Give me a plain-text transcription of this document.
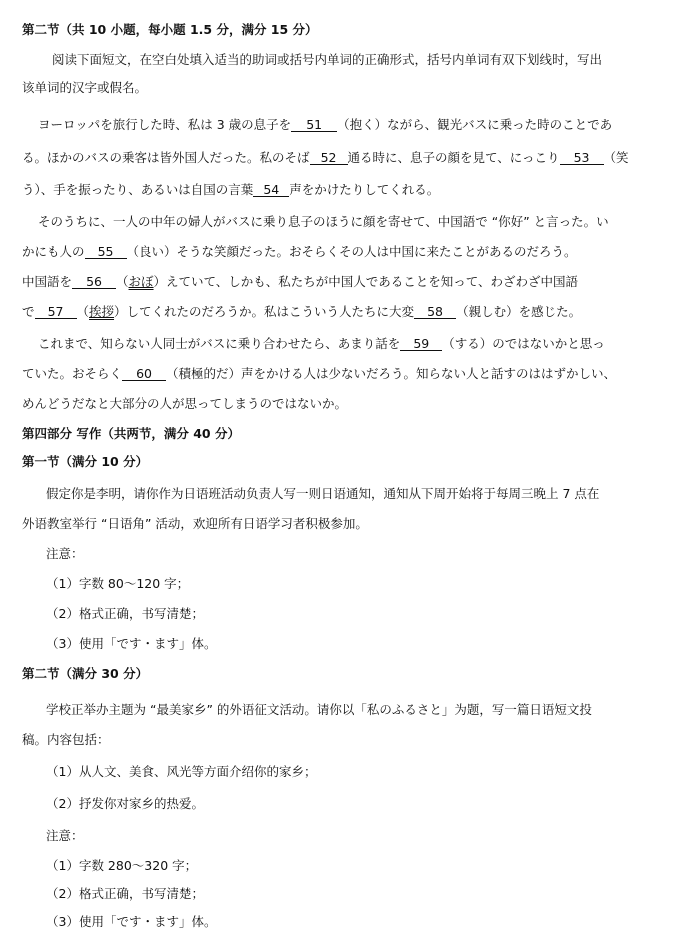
第二节（共 10 小题，每小题 1.5 分，满分 15 分）
阅读下面短文，在空白处填入适当的助词或括号内单词的正确形式，括号内单词有双下划线时，写出
该单词的汉字或假名。
ヨーロッパを旅行した時、私は 3 歳の息子を 51 （抱く）ながら、観光バスに乗った時のことであ
る。ほかのバスの乗客は皆外国人だった。私のそば 52 通る時に、息子の顔を見て、にっこり 53 （笑
う）、手を振ったり、あるいは自国の言葉 54 声をかけたりしてくれる。
そのうちに、一人の中年の婦人がバスに乗り息子のほうに顔を寄せて、中国語で “你好” と言った。い
かにも人の 55 （良い）そうな笑顔だった。おそらくその人は中国に来たことがあるのだろう。
中国語を 56 （おぼ）えていて、しかも、私たちが中国人であることを知って、わざわざ中国語
で 57 （挨拶）してくれたのだろうか。私はこういう人たちに大変 58 （親しむ）を感じた。
これまで、知らない人同士がバスに乗り合わせたら、あまり話を 59 （する）のではないかと思っ
ていた。おそらく 60 （積極的だ）声をかける人は少ないだろう。知らない人と話すのははずかしい、
めんどうだなと大部分の人が思ってしまうのではないか。
第四部分 写作（共两节，满分 40 分）
第一节（满分 10 分）
假定你是李明，请你作为日语班活动负责人写一则日语通知，通知从下周开始将于每周三晚上 7 点在
外语教室举行 “日语角” 活动，欢迎所有日语学习者积极参加。
注意：
（1）字数 80～120 字；
（2）格式正确，书写清楚；
（3）使用「です・ます」体。
第二节（满分 30 分）
学校正举办主题为 “最美家乡” 的外语征文活动。请你以「私のふるさと」为题，写一篇日语短文投
稿。内容包括：
（1）从人文、美食、风光等方面介绍你的家乡；
（2）抒发你对家乡的热爱。
注意：
（1）字数 280～320 字；
（2）格式正确，书写清楚；
（3）使用「です・ます」体。
